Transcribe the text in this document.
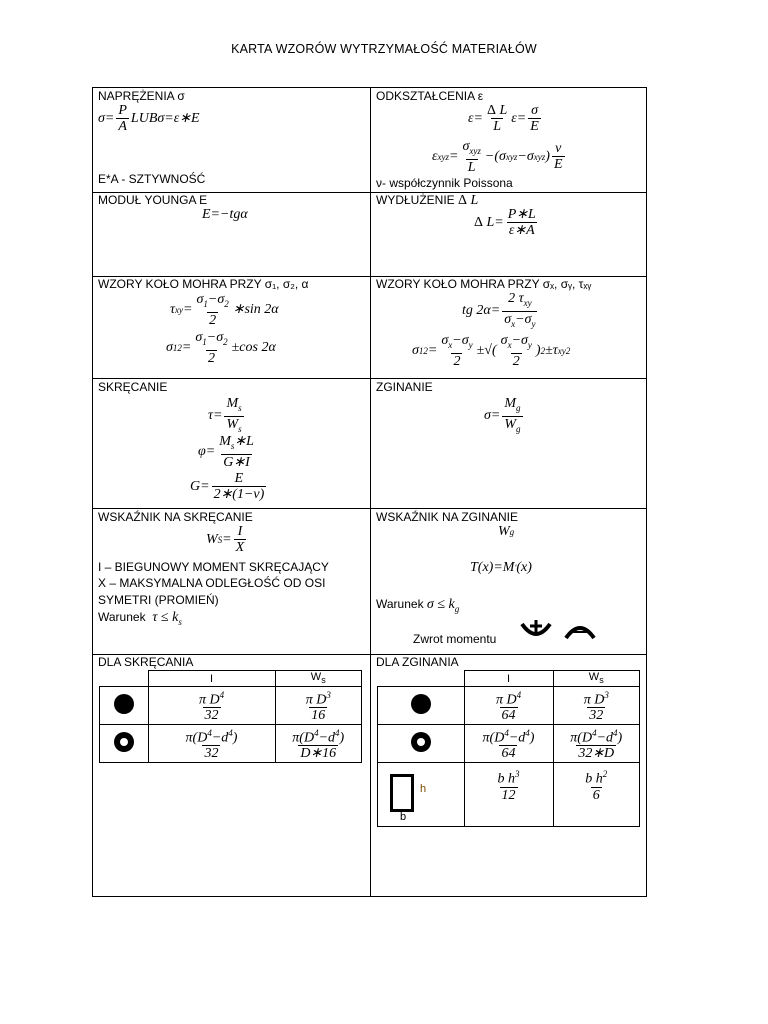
KARTA WZORÓW WYTRZYMAŁOŚĆ MATERIAŁÓW
NAPRĘŻENIA σ
$\sigma= \frac{P}{A}$ LUB σ=ε∗E
E*A - SZTYWNOŚĆ
ODKSZTAŁCENIA ε
$\varepsilon= \frac{\text{Δ L}}{L} \varepsilon= \frac{\sigma}{E}$
ε xyz = $\frac{\sigma_{xyz}}{L} -(\sigma$ xyz −σ xyz ) $\frac{\nu}{E}$
ν- współczynnik Poissona
MODUŁ YOUNGA E
E=−tgα
WYDŁUŻENIE Δ L
Δ $L= \frac{P∗L}{\varepsilon∗A}$
WZORY KOŁO MOHRA PRZY σ₁, σ₂, α
τ xy = $\frac{\sigma_1-\sigma_2}{2}$ ∗sin 2α
σ $12 = \frac{\sigma_1-\sigma_2}{2} \pm\cos$ 2α
WZORY KOŁO MOHRA PRZY σₓ, σᵧ, τₓᵧ
tg $2\alpha= \frac{2 \tau_{xy}}{\sigma_x-\sigma_y}$
σ $12 = \frac{\sigma_x-\sigma_y}{2}$ ±√( $\frac{\sigma_x-\sigma_y}{2}$ ) 2 ±τ xy 2
SKRĘCANIE
$\tau= \frac{M_s}{W_s}$
$\varphi= \frac{M_s∗L}{G∗I}$
$G= \frac{E}{2∗(1-\nu)}$
ZGINANIE
$\sigma= \frac{M_g}{W_g}$
WSKAŹNIK NA SKRĘCANIE
W $S = \frac{I}{X}$
I – BIEGUNOWY MOMENT SKRĘCAJĄCY
X – MAKSYMALNA ODLEGŁOŚĆ OD OSI
SYMETRI (PROMIEŃ)
Warunek  $\tau \le k_s$
WSKAŹNIK NA ZGINANIE
W g
T(x)=M ' (x)
Warunek $\sigma \le k_g$
Zwrot momentu
DLA SKRĘCANIA
	I	$W_s$

	$\frac{\pi D^4}{32}$	$\frac{\pi D^3}{16}$

	$\frac{\pi(D^4-d^4)}{32}$	$\frac{\pi(D^4-d^4)}{D∗16}$
DLA ZGINANIA
	I	$W_s$

	$\frac{\pi D^4}{64}$	$\frac{\pi D^3}{32}$

	$\frac{\pi(D^4-d^4)}{64}$	$\frac{\pi(D^4-d^4)}{32∗D}$

h
b	$\frac{b h^3}{12}$	$\frac{b h^2}{6}$
